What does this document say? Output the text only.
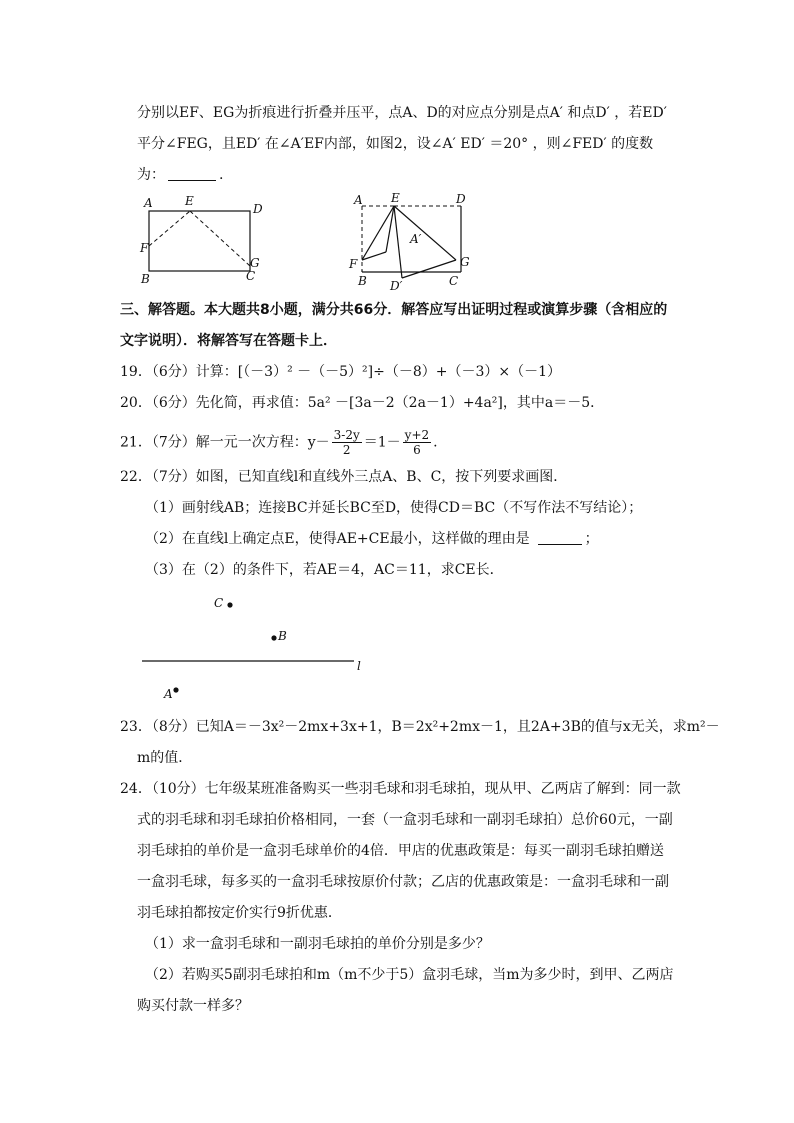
分别以EF、EG为折痕进行折叠并压平，点A、D的对应点分别是点A′ 和点D′ ，若ED′
平分∠FEG，且ED′ 在∠A′EF内部，如图2，设∠A′ ED′ ＝20° ，则∠FED′ 的度数
为：	.
A	E
D
F
G
B	C
A E	D
A′
F
B	C
G
D′
三、解答题。本大题共8小题，满分共66分．解答应写出证明过程或演算步骤（含相应的
文字说明）．将解答写在答题卡上．
19．（6分）计算：[（－3）² －（－5）²]÷（－8）+（－3）×（－1）
20．（6分）先化简，再求值：5a² －[3a－2（2a－1）+4a²]，其中a＝－5．
21．（7分）解一元一次方程：$y- \frac{3-2y}{2} =1- \frac{y+2}{6}$ .
22．（7分）如图，已知直线l和直线外三点A、B、C，按下列要求画图．
（1）画射线AB；连接BC并延长BC至D，使得CD＝BC（不写作法不写结论）；
（2）在直线l上确定点E，使得AE+CE最小，这样做的理由是	；
（3）在（2）的条件下，若AE＝4，AC＝11，求CE长．
C
B
l
A
23．（8分）已知A＝－3x²－2mx+3x+1，B＝2x²+2mx－1，且2A+3B的值与x无关，求m²－
m的值．
24．（10分）七年级某班准备购买一些羽毛球和羽毛球拍，现从甲、乙两店了解到：同一款
式的羽毛球和羽毛球拍价格相同，一套（一盒羽毛球和一副羽毛球拍）总价60元，一副
羽毛球拍的单价是一盒羽毛球单价的4倍．甲店的优惠政策是：每买一副羽毛球拍赠送
一盒羽毛球，每多买的一盒羽毛球按原价付款；乙店的优惠政策是：一盒羽毛球和一副
羽毛球拍都按定价实行9折优惠．
（1）求一盒羽毛球和一副羽毛球拍的单价分别是多少？
（2）若购买5副羽毛球拍和m（m不少于5）盒羽毛球，当m为多少时，到甲、乙两店
购买付款一样多？
